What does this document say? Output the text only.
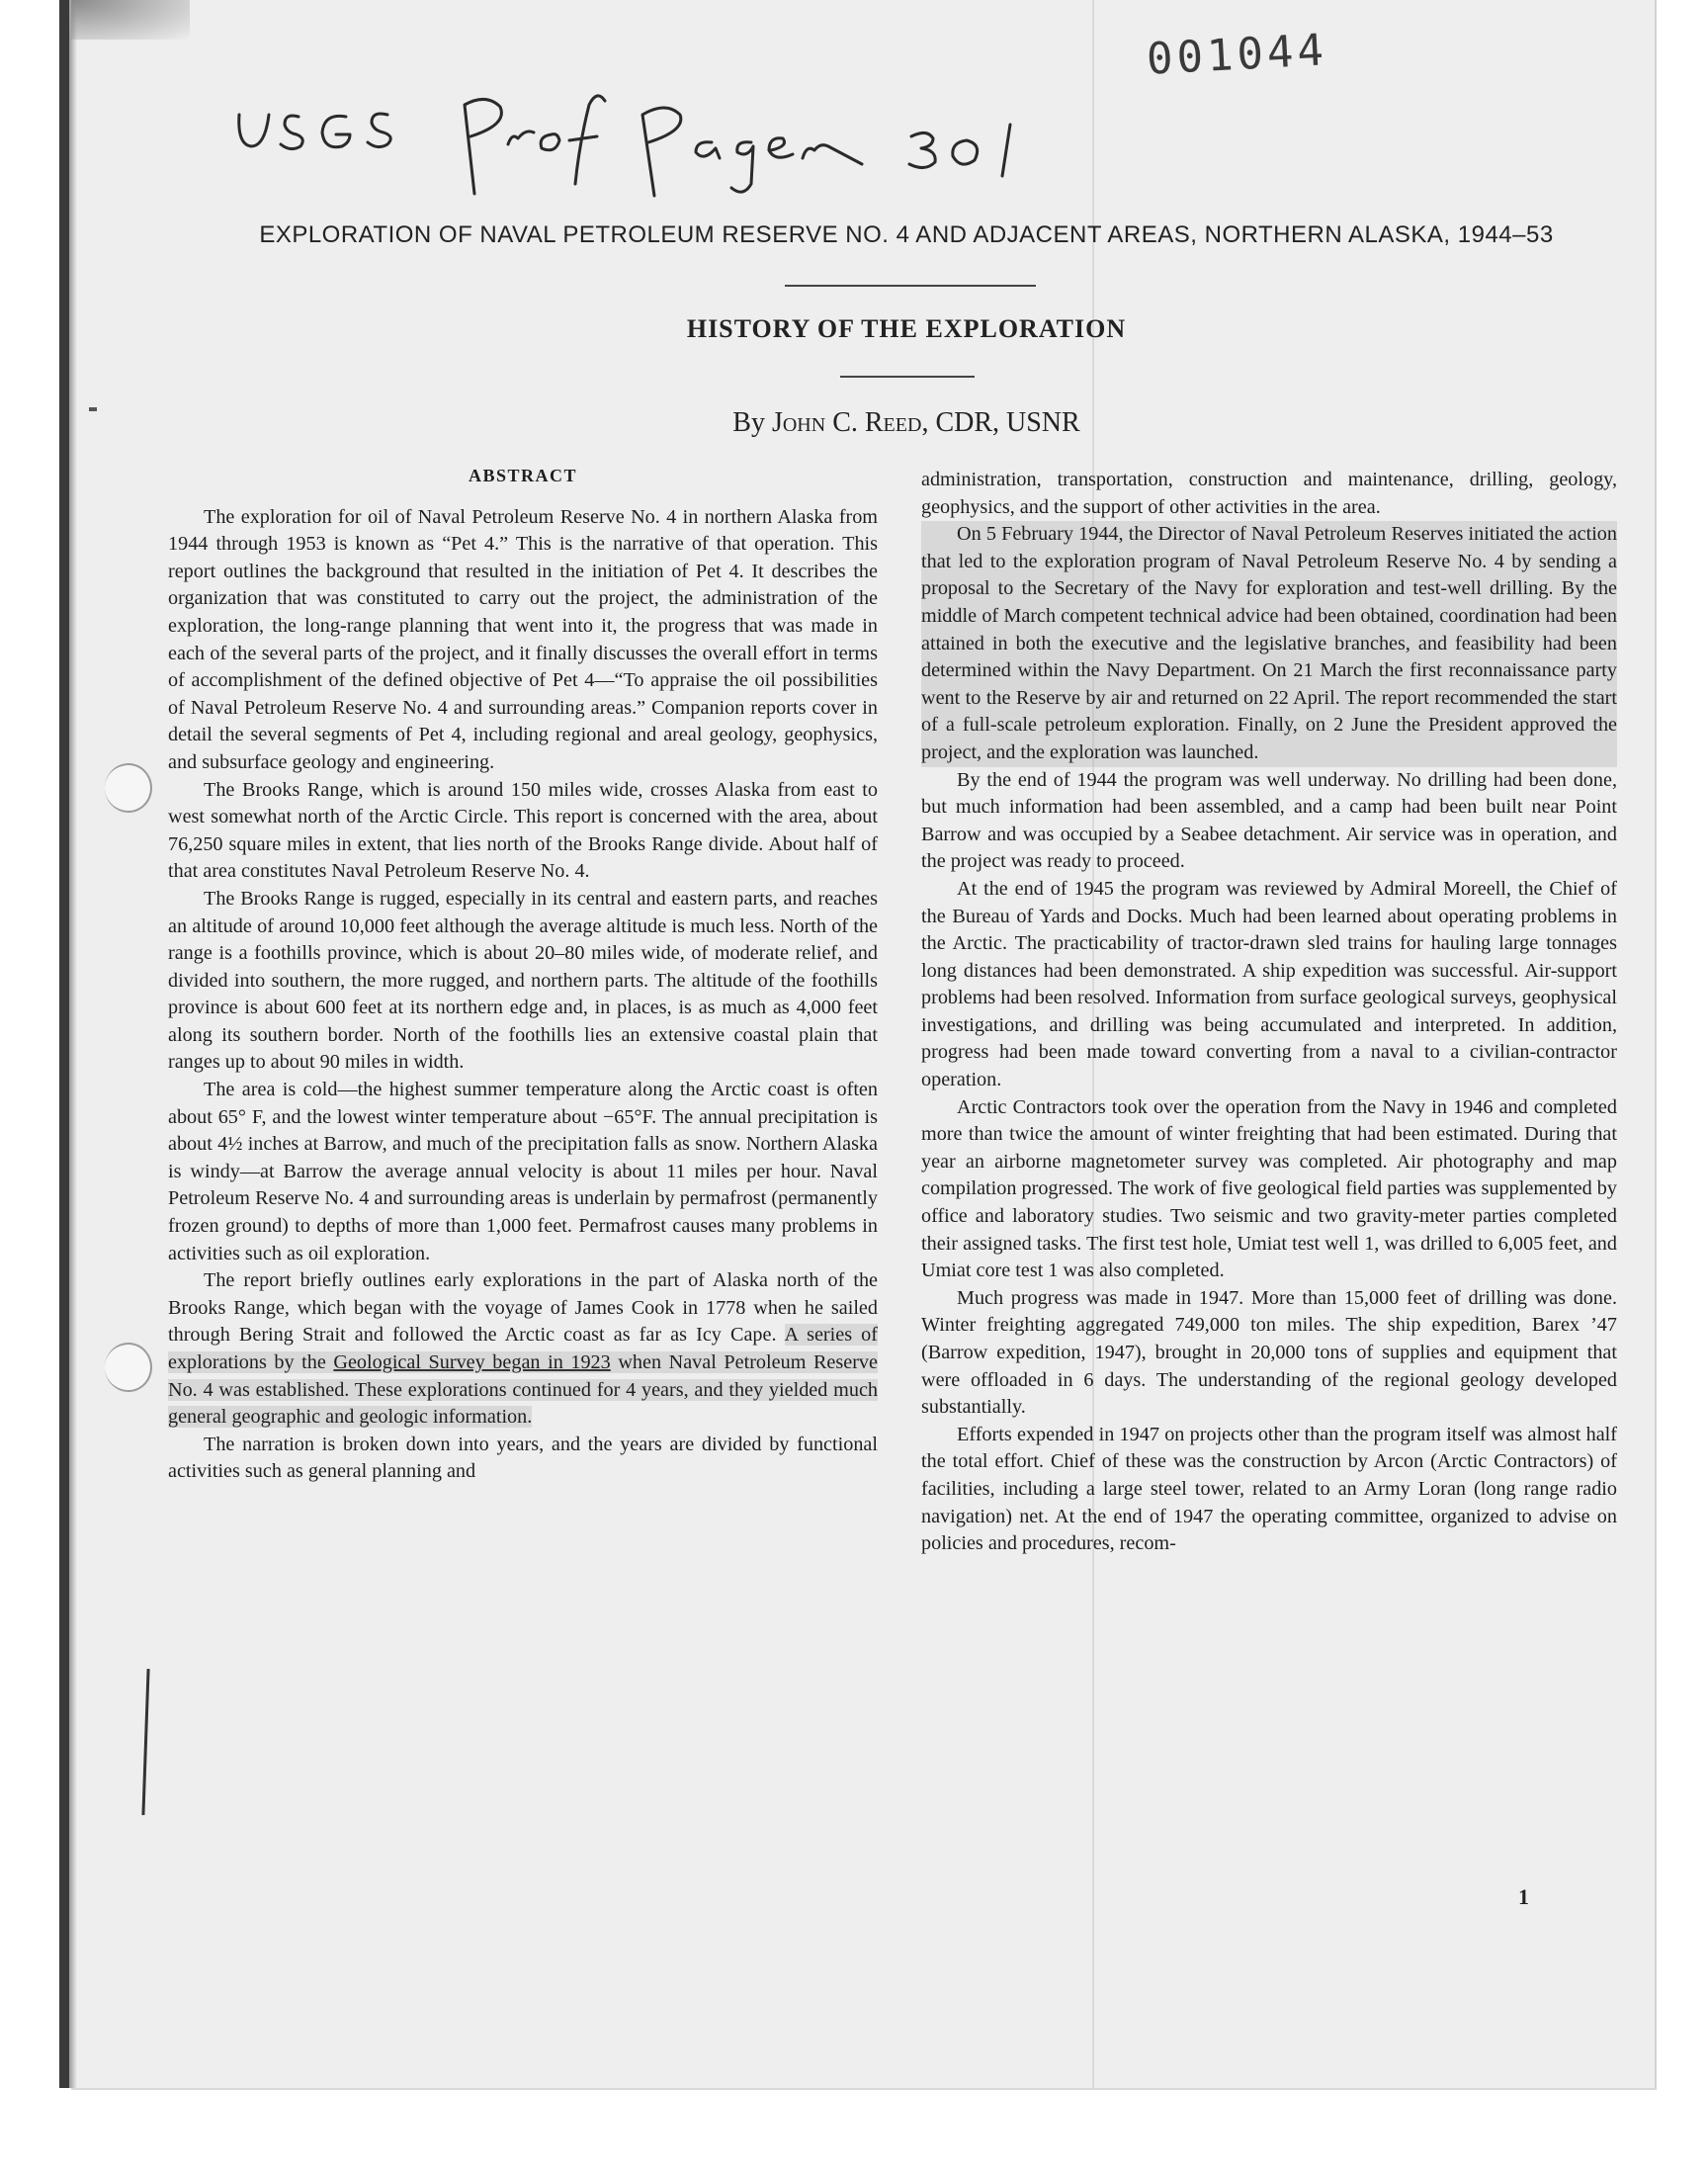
001044
EXPLORATION OF NAVAL PETROLEUM RESERVE NO. 4 AND ADJACENT AREAS, NORTHERN ALASKA, 1944–53
HISTORY OF THE EXPLORATION
By John C. Reed, CDR, USNR
ABSTRACT

The exploration for oil of Naval Petroleum Reserve No. 4 in northern Alaska from 1944 through 1953 is known as “Pet 4.” This is the narrative of that operation. This report outlines the background that resulted in the initiation of Pet 4. It describes the organization that was constituted to carry out the project, the administration of the exploration, the long-range planning that went into it, the progress that was made in each of the several parts of the project, and it finally discusses the overall effort in terms of accomplishment of the defined objective of Pet 4—“To appraise the oil possibilities of Naval Petroleum Reserve No. 4 and surrounding areas.” Companion reports cover in detail the several segments of Pet 4, including regional and areal geology, geophysics, and subsurface geology and engineering.

The Brooks Range, which is around 150 miles wide, crosses Alaska from east to west somewhat north of the Arctic Circle. This report is concerned with the area, about 76,250 square miles in extent, that lies north of the Brooks Range divide. About half of that area constitutes Naval Petroleum Reserve No. 4.

The Brooks Range is rugged, especially in its central and eastern parts, and reaches an altitude of around 10,000 feet although the average altitude is much less. North of the range is a foothills province, which is about 20–80 miles wide, of moderate relief, and divided into southern, the more rugged, and northern parts. The altitude of the foothills province is about 600 feet at its northern edge and, in places, is as much as 4,000 feet along its southern border. North of the foothills lies an extensive coastal plain that ranges up to about 90 miles in width.

The area is cold—the highest summer temperature along the Arctic coast is often about 65° F, and the lowest winter temperature about −65°F. The annual precipitation is about 4½ inches at Barrow, and much of the precipitation falls as snow. Northern Alaska is windy—at Barrow the average annual velocity is about 11 miles per hour. Naval Petroleum Reserve No. 4 and surrounding areas is underlain by permafrost (permanently frozen ground) to depths of more than 1,000 feet. Permafrost causes many problems in activities such as oil exploration.

The report briefly outlines early explorations in the part of Alaska north of the Brooks Range, which began with the voyage of James Cook in 1778 when he sailed through Bering Strait and followed the Arctic coast as far as Icy Cape. A series of explorations by the Geological Survey began in 1923 when Naval Petroleum Reserve No. 4 was established. These explorations continued for 4 years, and they yielded much general geographic and geologic information.

The narration is broken down into years, and the years are divided by functional activities such as general planning and

administration, transportation, construction and maintenance, drilling, geology, geophysics, and the support of other activities in the area.

On 5 February 1944, the Director of Naval Petroleum Reserves initiated the action that led to the exploration program of Naval Petroleum Reserve No. 4 by sending a proposal to the Secretary of the Navy for exploration and test-well drilling. By the middle of March competent technical advice had been obtained, coordination had been attained in both the executive and the legislative branches, and feasibility had been determined within the Navy Department. On 21 March the first reconnaissance party went to the Reserve by air and returned on 22 April. The report recommended the start of a full-scale petroleum exploration. Finally, on 2 June the President approved the project, and the exploration was launched.

By the end of 1944 the program was well underway. No drilling had been done, but much information had been assembled, and a camp had been built near Point Barrow and was occupied by a Seabee detachment. Air service was in operation, and the project was ready to proceed.

At the end of 1945 the program was reviewed by Admiral Moreell, the Chief of the Bureau of Yards and Docks. Much had been learned about operating problems in the Arctic. The practicability of tractor-drawn sled trains for hauling large tonnages long distances had been demonstrated. A ship expedition was successful. Air-support problems had been resolved. Information from surface geological surveys, geophysical investigations, and drilling was being accumulated and interpreted. In addition, progress had been made toward converting from a naval to a civilian-contractor operation.

Arctic Contractors took over the operation from the Navy in 1946 and completed more than twice the amount of winter freighting that had been estimated. During that year an airborne magnetometer survey was completed. Air photography and map compilation progressed. The work of five geological field parties was supplemented by office and laboratory studies. Two seismic and two gravity-meter parties completed their assigned tasks. The first test hole, Umiat test well 1, was drilled to 6,005 feet, and Umiat core test 1 was also completed.

Much progress was made in 1947. More than 15,000 feet of drilling was done. Winter freighting aggregated 749,000 ton miles. The ship expedition, Barex ’47 (Barrow expedition, 1947), brought in 20,000 tons of supplies and equipment that were offloaded in 6 days. The understanding of the regional geology developed substantially.

Efforts expended in 1947 on projects other than the program itself was almost half the total effort. Chief of these was the construction by Arcon (Arctic Contractors) of facilities, including a large steel tower, related to an Army Loran (long range radio navigation) net. At the end of 1947 the operating committee, organized to advise on policies and procedures, recom-

1
